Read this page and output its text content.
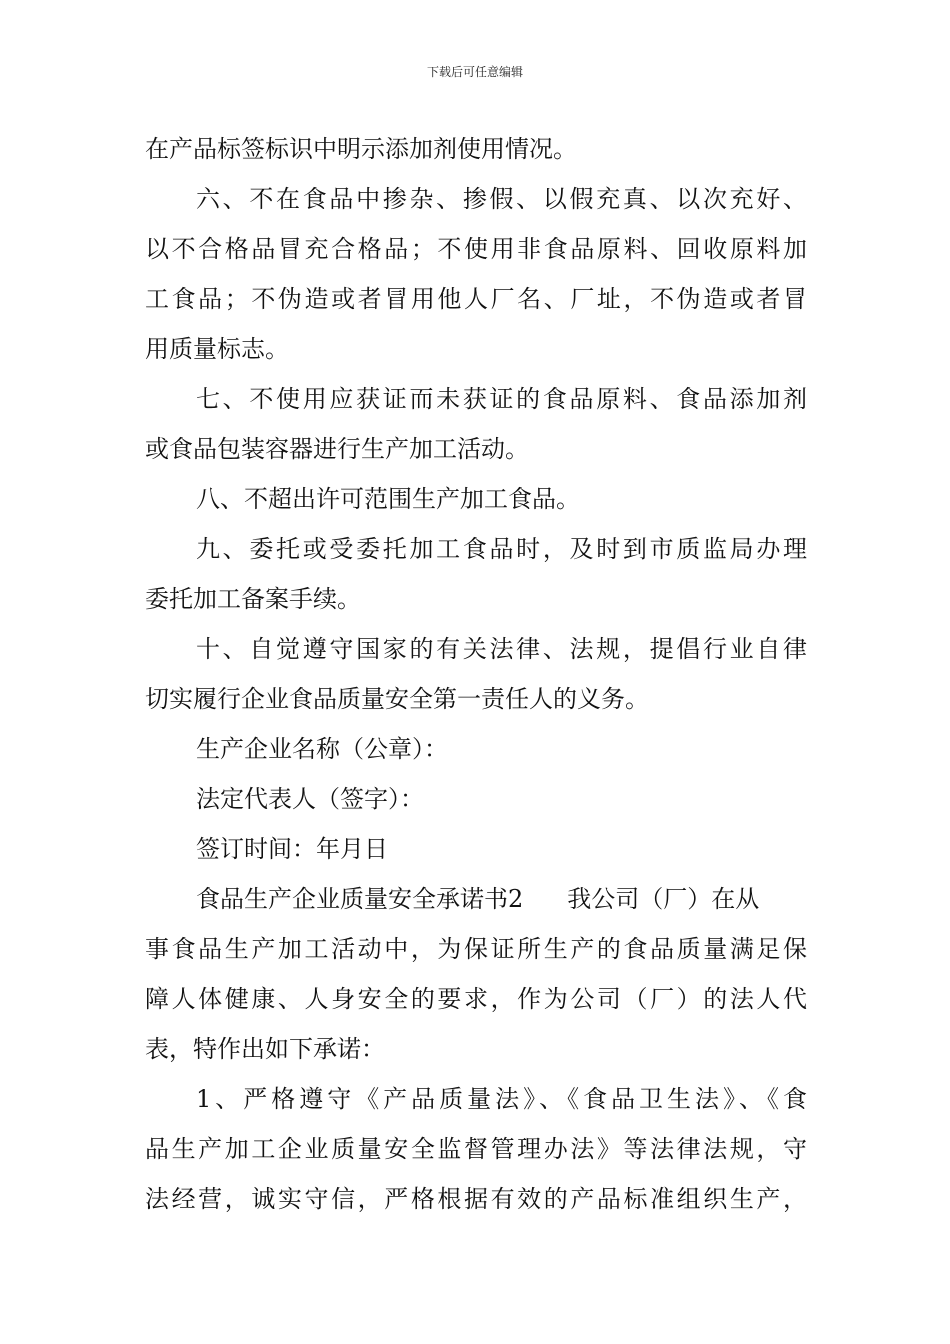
下载后可任意编辑
在产品标签标识中明示添加剂使用情况。
六、不在食品中掺杂、掺假、以假充真、以次充好、
以不合格品冒充合格品；不使用非食品原料、回收原料加
工食品；不伪造或者冒用他人厂名、厂址，不伪造或者冒
用质量标志。
七、不使用应获证而未获证的食品原料、食品添加剂
或食品包装容器进行生产加工活动。
八、不超出许可范围生产加工食品。
九、委托或受委托加工食品时，及时到市质监局办理
委托加工备案手续。
十、自觉遵守国家的有关法律、法规，提倡行业自律
切实履行企业食品质量安全第一责任人的义务。
生产企业名称（公章）：
法定代表人（签字）：
签订时间：年月日
食品生产企业质量安全承诺书2 我公司（厂）在从
事食品生产加工活动中，为保证所生产的食品质量满足保
障人体健康、人身安全的要求，作为公司（厂）的法人代
表，特作出如下承诺：
1、严格遵守《产品质量法》、《食品卫生法》、《食
品生产加工企业质量安全监督管理办法》等法律法规，守
法经营，诚实守信，严格根据有效的产品标准组织生产，
